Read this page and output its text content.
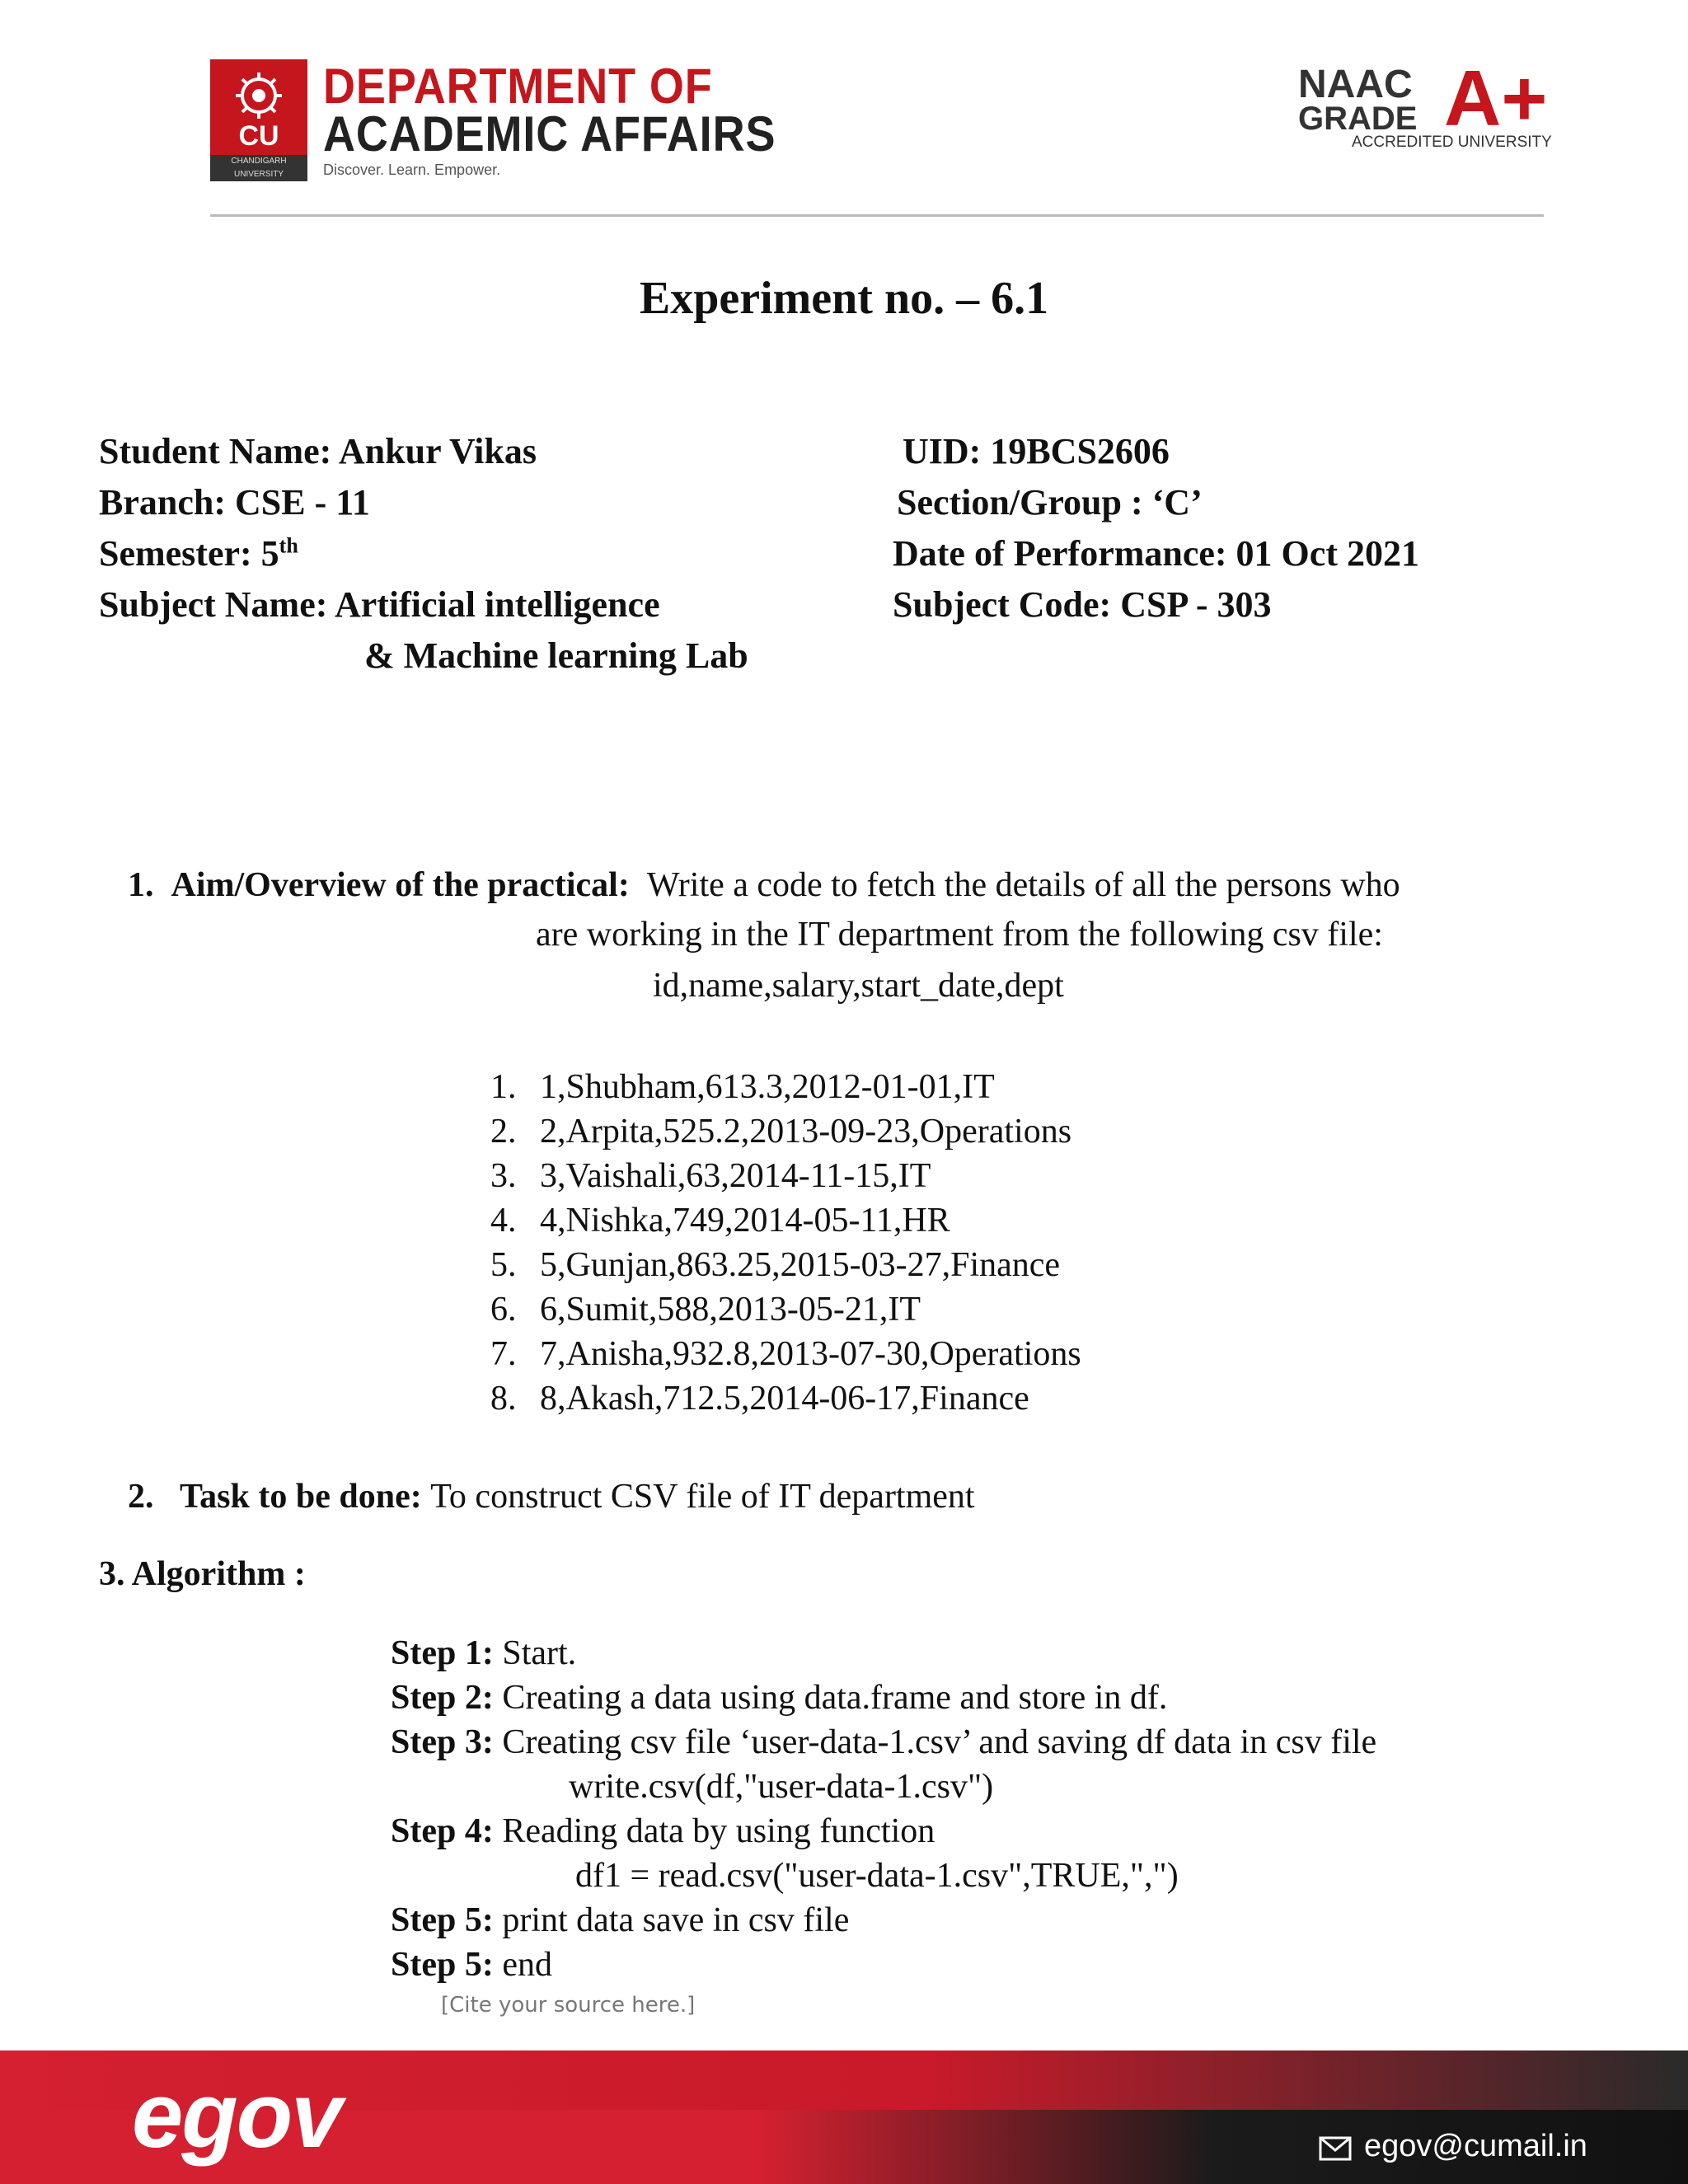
CU
CHANDIGARH UNIVERSITY
DEPARTMENT OF
ACADEMIC AFFAIRS
Discover. Learn. Empower.
NAAC
GRADE A+
ACCREDITED UNIVERSITY
Experiment no. – 6.1
Student Name: Ankur Vikas	UID: 19BCS2606
Branch: CSE - 11	Section/Group : ‘C’
Semester: 5th	Date of Performance: 01 Oct 2021
Subject Name: Artificial intelligence	Subject Code: CSP - 303
& Machine learning Lab
1. Aim/Overview of the practical: Write a code to fetch the details of all the persons who
are working in the IT department from the following csv file:
id,name,salary,start_date,dept
1. 1,Shubham,613.3,2012-01-01,IT
2. 2,Arpita,525.2,2013-09-23,Operations
3. 3,Vaishali,63,2014-11-15,IT
4. 4,Nishka,749,2014-05-11,HR
5. 5,Gunjan,863.25,2015-03-27,Finance
6. 6,Sumit,588,2013-05-21,IT
7. 7,Anisha,932.8,2013-07-30,Operations
8. 8,Akash,712.5,2014-06-17,Finance
2. Task to be done: To construct CSV file of IT department
3. Algorithm :
Step 1: Start.
Step 2: Creating a data using data.frame and store in df.
Step 3: Creating csv file ‘user-data-1.csv’ and saving df data in csv file
write.csv(df,"user-data-1.csv")
Step 4: Reading data by using function
df1 = read.csv("user-data-1.csv",TRUE,",")
Step 5: print data save in csv file
Step 5: end
[Cite your source here.]
egov	egov@cumail.in
